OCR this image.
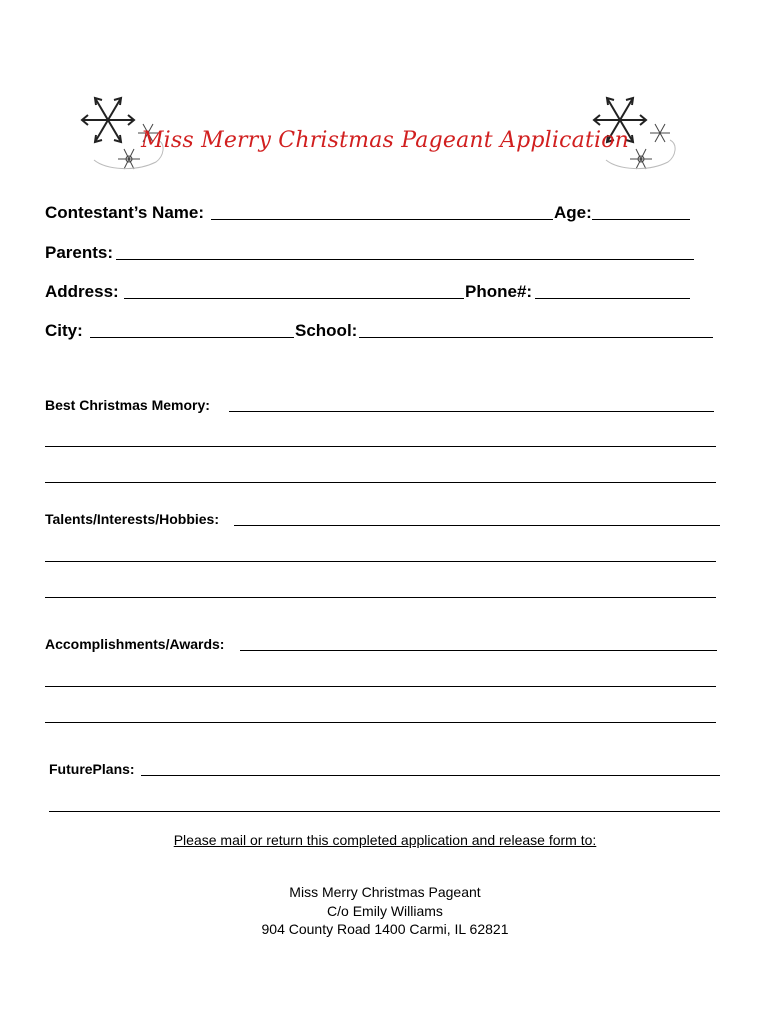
Miss Merry Christmas Pageant Application
Contestant’s Name:	Age:
Parents:
Address:	Phone#:
City:	School:
Best Christmas Memory:
Talents/Interests/Hobbies:
Accomplishments/Awards:
FuturePlans:
Please mail or return this completed application and release form to:
Miss Merry Christmas Pageant
C/o Emily Williams
904 County Road 1400 Carmi, IL 62821
